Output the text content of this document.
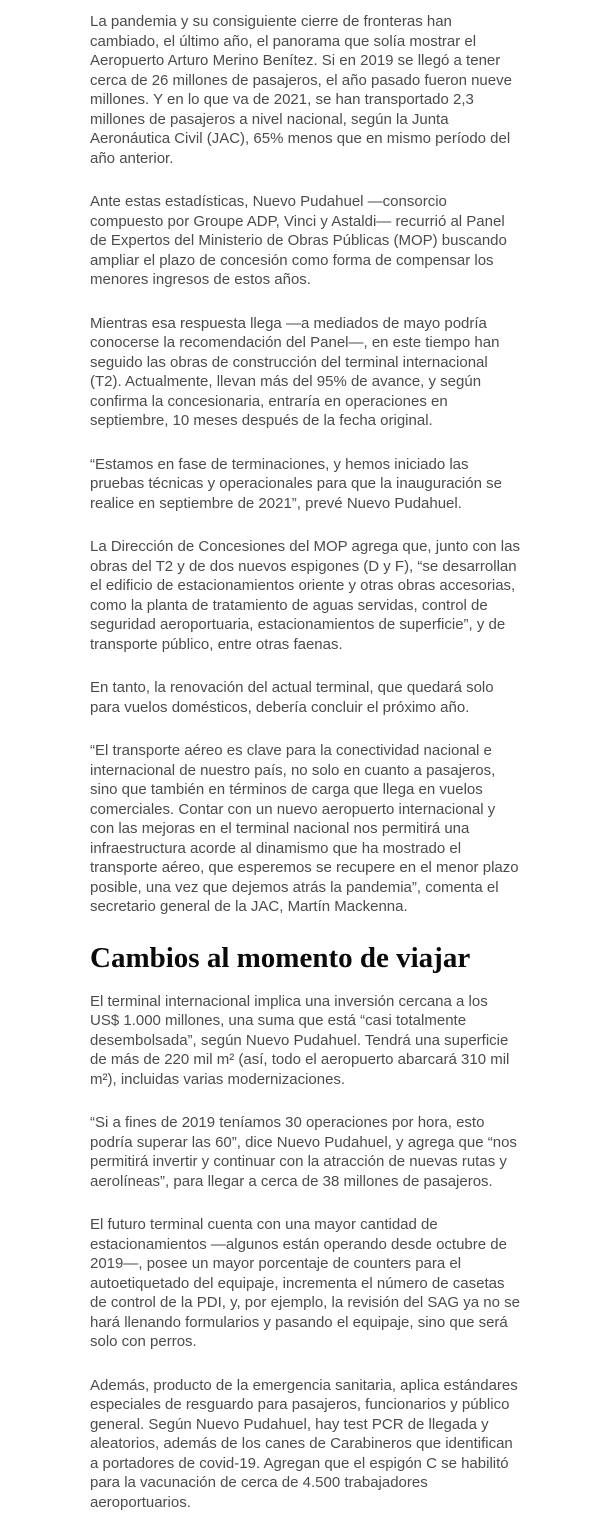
La pandemia y su consiguiente cierre de fronteras han cambiado, el último año, el panorama que solía mostrar el Aeropuerto Arturo Merino Benítez. Si en 2019 se llegó a tener cerca de 26 millones de pasajeros, el año pasado fueron nueve millones. Y en lo que va de 2021, se han transportado 2,3 millones de pasajeros a nivel nacional, según la Junta Aeronáutica Civil (JAC), 65% menos que en mismo período del año anterior.

Ante estas estadísticas, Nuevo Pudahuel —consorcio compuesto por Groupe ADP, Vinci y Astaldi— recurrió al Panel de Expertos del Ministerio de Obras Públicas (MOP) buscando ampliar el plazo de concesión como forma de compensar los menores ingresos de estos años.

Mientras esa respuesta llega —a mediados de mayo podría conocerse la recomendación del Panel—, en este tiempo han seguido las obras de construcción del terminal internacional (T2). Actualmente, llevan más del 95% de avance, y según confirma la concesionaria, entraría en operaciones en septiembre, 10 meses después de la fecha original.

“Estamos en fase de terminaciones, y hemos iniciado las pruebas técnicas y operacionales para que la inauguración se realice en septiembre de 2021”, prevé Nuevo Pudahuel.

La Dirección de Concesiones del MOP agrega que, junto con las obras del T2 y de dos nuevos espigones (D y F), “se desarrollan el edificio de estacionamientos oriente y otras obras accesorias, como la planta de tratamiento de aguas servidas, control de seguridad aeroportuaria, estacionamientos de superficie”, y de transporte público, entre otras faenas.

En tanto, la renovación del actual terminal, que quedará solo para vuelos domésticos, debería concluir el próximo año.

“El transporte aéreo es clave para la conectividad nacional e internacional de nuestro país, no solo en cuanto a pasajeros, sino que también en términos de carga que llega en vuelos comerciales. Contar con un nuevo aeropuerto internacional y con las mejoras en el terminal nacional nos permitirá una infraestructura acorde al dinamismo que ha mostrado el transporte aéreo, que esperemos se recupere en el menor plazo posible, una vez que dejemos atrás la pandemia”, comenta el secretario general de la JAC, Martín Mackenna.

Cambios al momento de viajar

El terminal internacional implica una inversión cercana a los US$ 1.000 millones, una suma que está “casi totalmente desembolsada”, según Nuevo Pudahuel. Tendrá una superficie de más de 220 mil m² (así, todo el aeropuerto abarcará 310 mil m²), incluidas varias modernizaciones.

“Si a fines de 2019 teníamos 30 operaciones por hora, esto podría superar las 60”, dice Nuevo Pudahuel, y agrega que “nos permitirá invertir y continuar con la atracción de nuevas rutas y aerolíneas”, para llegar a cerca de 38 millones de pasajeros.

El futuro terminal cuenta con una mayor cantidad de estacionamientos —algunos están operando desde octubre de 2019—, posee un mayor porcentaje de counters para el autoetiquetado del equipaje, incrementa el número de casetas de control de la PDI, y, por ejemplo, la revisión del SAG ya no se hará llenando formularios y pasando el equipaje, sino que será solo con perros.

Además, producto de la emergencia sanitaria, aplica estándares especiales de resguardo para pasajeros, funcionarios y público general. Según Nuevo Pudahuel, hay test PCR de llegada y aleatorios, además de los canes de Carabineros que identifican a portadores de covid-19. Agregan que el espigón C se habilitó para la vacunación de cerca de 4.500 trabajadores aeroportuarios.
